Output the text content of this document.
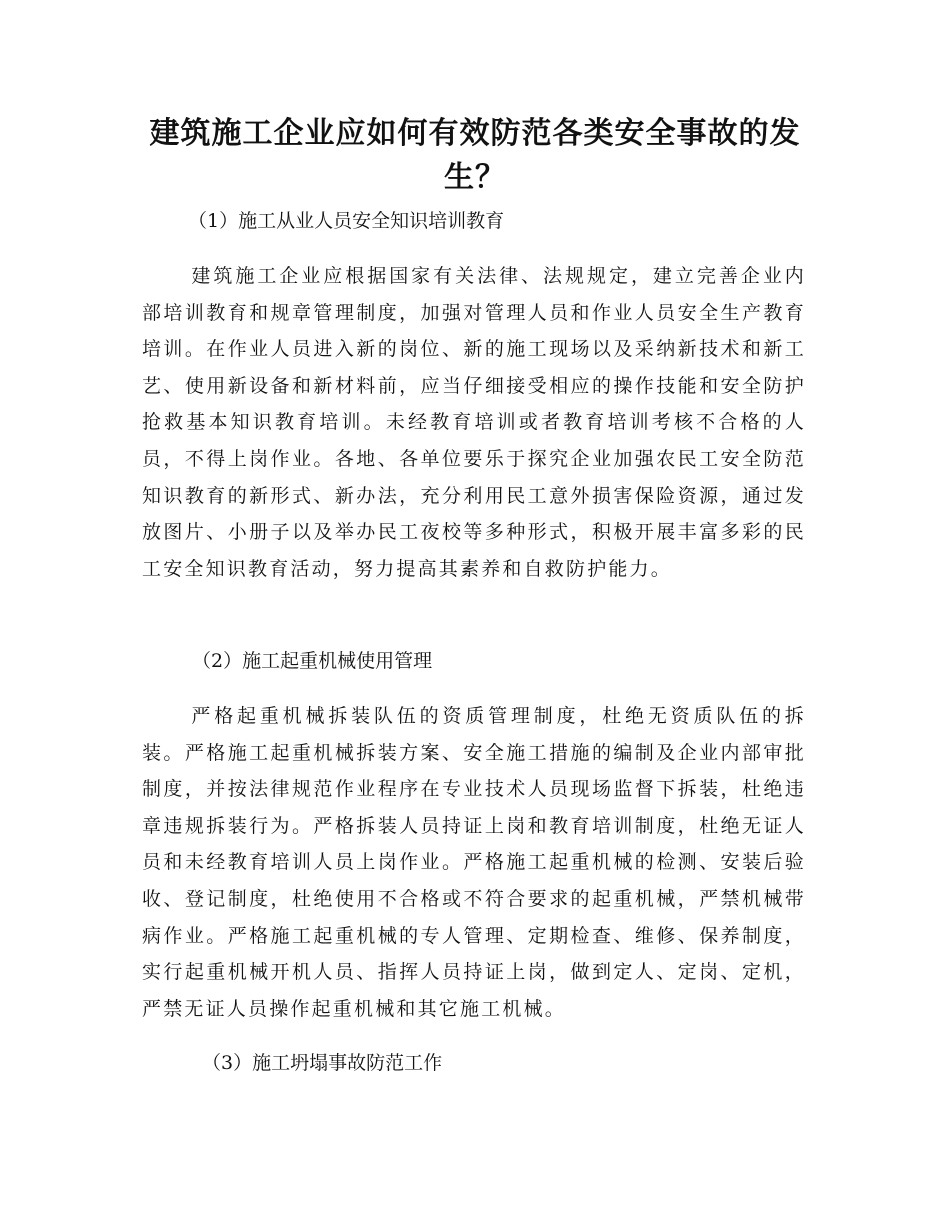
建筑施工企业应如何有效防范各类安全事故的发生？

（1）施工从业人员安全知识培训教育

建筑施工企业应根据国家有关法律、法规规定，建立完善企业内部培训教育和规章管理制度，加强对管理人员和作业人员安全生产教育培训。在作业人员进入新的岗位、新的施工现场以及采纳新技术和新工艺、使用新设备和新材料前，应当仔细接受相应的操作技能和安全防护抢救基本知识教育培训。未经教育培训或者教育培训考核不合格的人员，不得上岗作业。各地、各单位要乐于探究企业加强农民工安全防范知识教育的新形式、新办法，充分利用民工意外损害保险资源，通过发放图片、小册子以及举办民工夜校等多种形式，积极开展丰富多彩的民工安全知识教育活动，努力提高其素养和自救防护能力。

（2）施工起重机械使用管理

严格起重机械拆装队伍的资质管理制度，杜绝无资质队伍的拆装。严格施工起重机械拆装方案、安全施工措施的编制及企业内部审批制度，并按法律规范作业程序在专业技术人员现场监督下拆装，杜绝违章违规拆装行为。严格拆装人员持证上岗和教育培训制度，杜绝无证人员和未经教育培训人员上岗作业。严格施工起重机械的检测、安装后验收、登记制度，杜绝使用不合格或不符合要求的起重机械，严禁机械带病作业。严格施工起重机械的专人管理、定期检查、维修、保养制度，实行起重机械开机人员、指挥人员持证上岗，做到定人、定岗、定机，严禁无证人员操作起重机械和其它施工机械。

（3）施工坍塌事故防范工作
